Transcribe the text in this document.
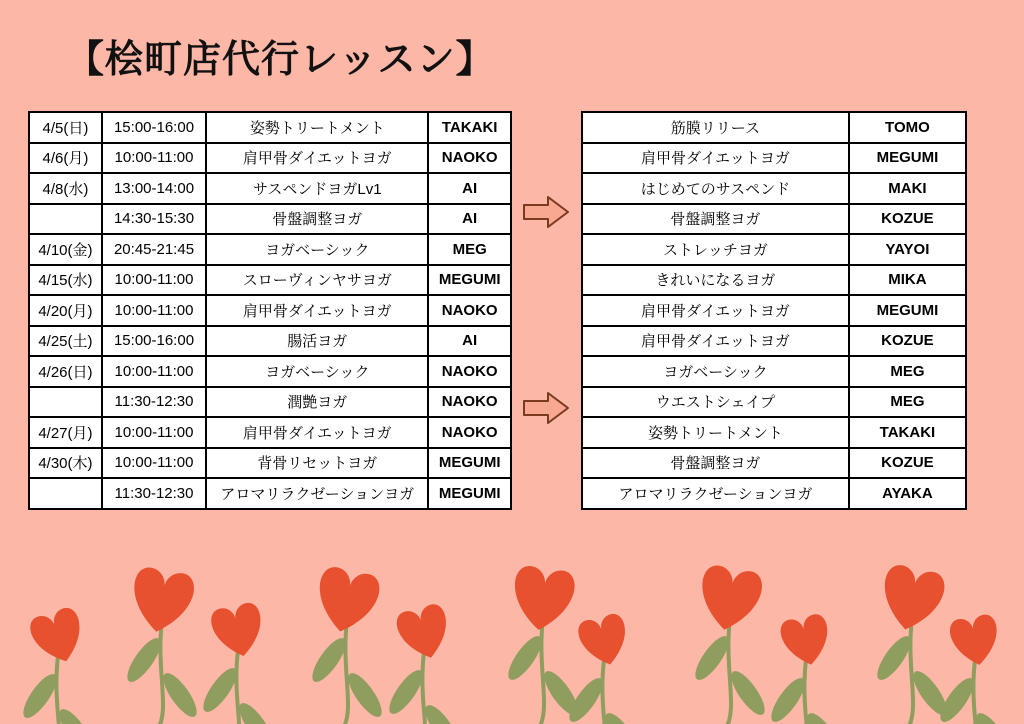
【桧町店代行レッスン】
4/5(日)	15:00-16:00	姿勢トリートメント	TAKAKI
4/6(月)	10:00-11:00	肩甲骨ダイエットヨガ	NAOKO
4/8(水)	13:00-14:00	サスペンドヨガLv1	AI
	14:30-15:30	骨盤調整ヨガ	AI
4/10(金)	20:45-21:45	ヨガベーシック	MEG
4/15(水)	10:00-11:00	スローヴィンヤサヨガ	MEGUMI
4/20(月)	10:00-11:00	肩甲骨ダイエットヨガ	NAOKO
4/25(土)	15:00-16:00	腸活ヨガ	AI
4/26(日)	10:00-11:00	ヨガベーシック	NAOKO
	11:30-12:30	潤艶ヨガ	NAOKO
4/27(月)	10:00-11:00	肩甲骨ダイエットヨガ	NAOKO
4/30(木)	10:00-11:00	背骨リセットヨガ	MEGUMI
	11:30-12:30	アロマリラクゼーションヨガ	MEGUMI
筋膜リリース	TOMO
肩甲骨ダイエットヨガ	MEGUMI
はじめてのサスペンド	MAKI
骨盤調整ヨガ	KOZUE
ストレッチヨガ	YAYOI
きれいになるヨガ	MIKA
肩甲骨ダイエットヨガ	MEGUMI
肩甲骨ダイエットヨガ	KOZUE
ヨガベーシック	MEG
ウエストシェイプ	MEG
姿勢トリートメント	TAKAKI
骨盤調整ヨガ	KOZUE
アロマリラクゼーションヨガ	AYAKA
